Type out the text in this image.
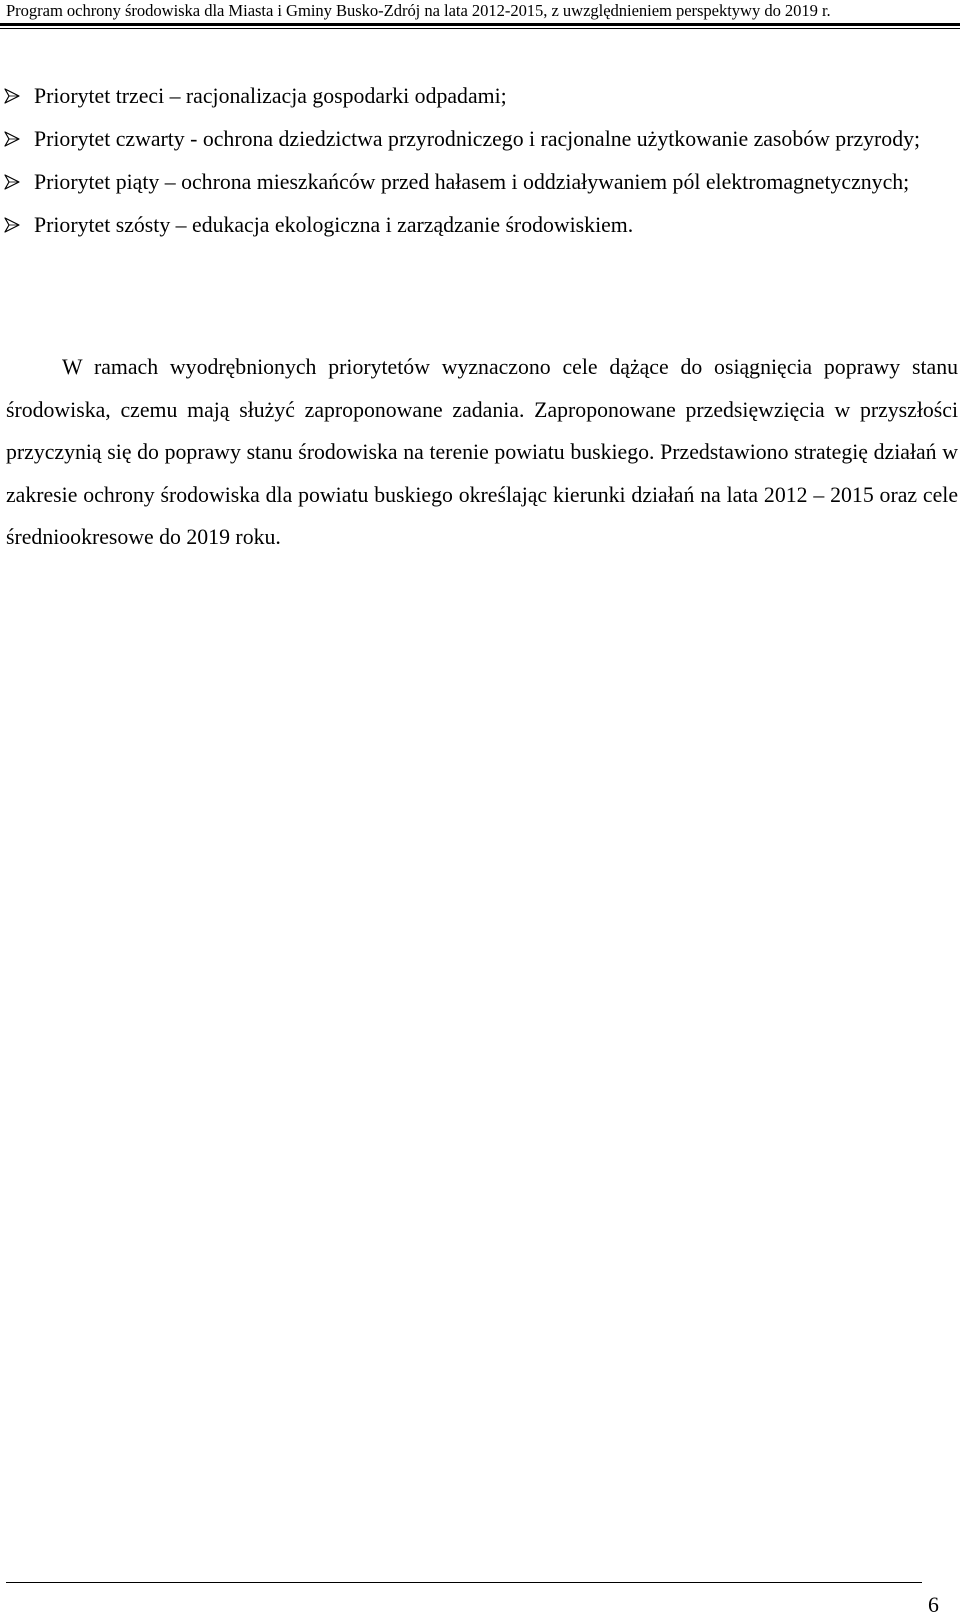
Program ochrony środowiska dla Miasta i Gminy Busko-Zdrój na lata 2012-2015, z uwzględnieniem perspektywy do 2019 r.
Priorytet trzeci – racjonalizacja gospodarki odpadami;
Priorytet czwarty - ochrona dziedzictwa przyrodniczego i racjonalne użytkowanie zasobów przyrody;
Priorytet piąty – ochrona mieszkańców przed hałasem i oddziaływaniem pól elektromagnetycznych;
Priorytet szósty – edukacja ekologiczna i zarządzanie środowiskiem.

W ramach wyodrębnionych priorytetów wyznaczono cele dążące do osiągnięcia poprawy stanu środowiska, czemu mają służyć zaproponowane zadania. Zaproponowane przedsięwzięcia w przyszłości przyczynią się do poprawy stanu środowiska na terenie powiatu buskiego. Przedstawiono strategię działań w zakresie ochrony środowiska dla powiatu buskiego określając kierunki działań na lata 2012 – 2015 oraz cele średniookresowe do 2019 roku.

6
